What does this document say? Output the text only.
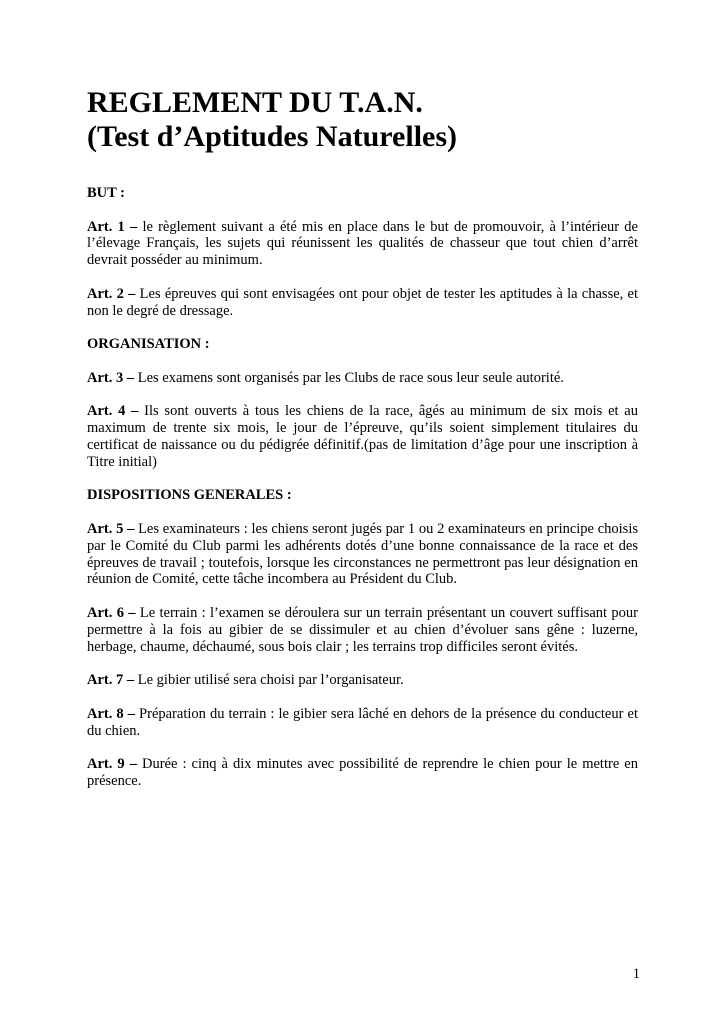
REGLEMENT DU T.A.N.
(Test d’Aptitudes Naturelles)

BUT :

Art. 1 – le règlement suivant a été mis en place dans le but de promouvoir, à l’intérieur de l’élevage Français, les sujets qui réunissent les qualités de chasseur que tout chien d’arrêt devrait posséder au minimum.

Art. 2 – Les épreuves qui sont envisagées ont pour objet de tester les aptitudes à la chasse, et non le degré de dressage.

ORGANISATION :

Art. 3 – Les examens sont organisés par les Clubs de race sous leur seule autorité.

Art. 4 – Ils sont ouverts à tous les chiens de la race, âgés au minimum de six mois et au maximum de trente six mois, le jour de l’épreuve, qu’ils soient simplement titulaires du certificat de naissance ou du pédigrée définitif.(pas de limitation d’âge pour une inscription à Titre initial)

DISPOSITIONS GENERALES :

Art. 5 – Les examinateurs : les chiens seront jugés par 1 ou 2 examinateurs en principe choisis par le Comité du Club parmi les adhérents dotés d’une bonne connaissance de la race et des épreuves de travail ; toutefois, lorsque les circonstances ne permettront pas leur désignation en réunion de Comité, cette tâche incombera au Président du Club.

Art. 6 – Le terrain : l’examen se déroulera sur un terrain présentant un couvert suffisant pour permettre à la fois au gibier de se dissimuler et au chien d’évoluer sans gêne : luzerne, herbage, chaume, déchaumé, sous bois clair ; les terrains trop difficiles seront évités.

Art. 7 – Le gibier utilisé sera choisi par l’organisateur.

Art. 8 – Préparation du terrain : le gibier sera lâché en dehors de la présence du conducteur et du chien.

Art. 9 – Durée : cinq à dix minutes avec possibilité de reprendre le chien pour le mettre en présence.

1
